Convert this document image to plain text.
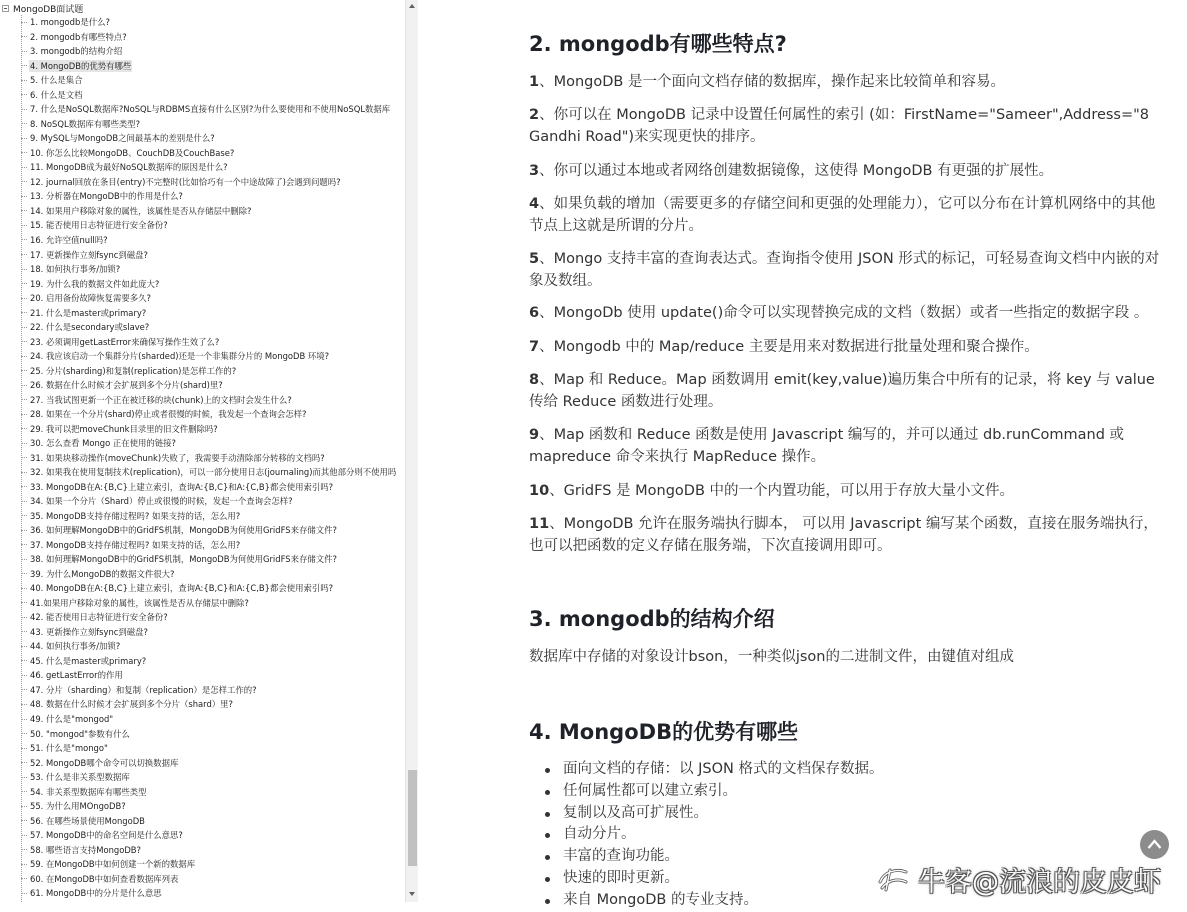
MongoDB面试题
1. mongodb是什么?
2. mongodb有哪些特点?
3. mongodb的结构介绍
4. MongoDB的优势有哪些
5. 什么是集合
6. 什么是文档
7. 什么是NoSQL数据库?NoSQL与RDBMS直接有什么区别?为什么要使用和不使用NoSQL数据库
8. NoSQL数据库有哪些类型?
9. MySQL与MongoDB之间最基本的差别是什么?
10. 你怎么比较MongoDB、CouchDB及CouchBase?
11. MongoDB成为最好NoSQL数据库的原因是什么?
12. journal回放在条目(entry)不完整时(比如恰巧有一个中途故障了)会遇到问题吗?
13. 分析器在MongoDB中的作用是什么?
14. 如果用户移除对象的属性，该属性是否从存储层中删除?
15. 能否使用日志特征进行安全备份?
16. 允许空值null吗?
17. 更新操作立刻fsync到磁盘?
18. 如何执行事务/加锁?
19. 为什么我的数据文件如此庞大?
20. 启用备份故障恢复需要多久?
21. 什么是master或primary?
22. 什么是secondary或slave?
23. 必须调用getLastError来确保写操作生效了么?
24. 我应该启动一个集群分片(sharded)还是一个非集群分片的 MongoDB 环境?
25. 分片(sharding)和复制(replication)是怎样工作的?
26. 数据在什么时候才会扩展到多个分片(shard)里?
27. 当我试图更新一个正在被迁移的块(chunk)上的文档时会发生什么?
28. 如果在一个分片(shard)停止或者很慢的时候，我发起一个查询会怎样?
29. 我可以把moveChunk目录里的旧文件删除吗?
30. 怎么查看 Mongo 正在使用的链接?
31. 如果块移动操作(moveChunk)失败了，我需要手动清除部分转移的文档吗?
32. 如果我在使用复制技术(replication)，可以一部分使用日志(journaling)而其他部分则不使用吗
33. MongoDB在A:{B,C}上建立索引，查询A:{B,C}和A:{C,B}都会使用索引吗?
34. 如果一个分片（Shard）停止或很慢的时候，发起一个查询会怎样?
35. MongoDB支持存储过程吗? 如果支持的话，怎么用?
36. 如何理解MongoDB中的GridFS机制，MongoDB为何使用GridFS来存储文件?
37. MongoDB支持存储过程吗? 如果支持的话，怎么用?
38. 如何理解MongoDB中的GridFS机制，MongoDB为何使用GridFS来存储文件?
39. 为什么MongoDB的数据文件很大?
40. MongoDB在A:{B,C}上建立索引，查询A:{B,C}和A:{C,B}都会使用索引吗?
41.如果用户移除对象的属性，该属性是否从存储层中删除?
42. 能否使用日志特征进行安全备份?
43. 更新操作立刻fsync到磁盘?
44. 如何执行事务/加锁?
45. 什么是master或primary?
46. getLastError的作用
47. 分片（sharding）和复制（replication）是怎样工作的?
48. 数据在什么时候才会扩展到多个分片（shard）里?
49. 什么是"mongod"
50. "mongod"参数有什么
51. 什么是"mongo"
52. MongoDB哪个命令可以切换数据库
53. 什么是非关系型数据库
54. 非关系型数据库有哪些类型
55. 为什么用MOngoDB?
56. 在哪些场景使用MongoDB
57. MongoDB中的命名空间是什么意思?
58. 哪些语言支持MongoDB?
59. 在MongoDB中如何创建一个新的数据库
60. 在MongoDB中如何查看数据库列表
61. MongoDB中的分片是什么意思
2. mongodb有哪些特点?

1、MongoDB 是一个面向文档存储的数据库，操作起来比较简单和容易。

2、你可以在 MongoDB 记录中设置任何属性的索引 (如：FirstName="Sameer",Address="8 Gandhi Road")来实现更快的排序。

3、你可以通过本地或者网络创建数据镜像，这使得 MongoDB 有更强的扩展性。

4、如果负载的增加（需要更多的存储空间和更强的处理能力），它可以分布在计算机网络中的其他节点上这就是所谓的分片。

5、Mongo 支持丰富的查询表达式。查询指令使用 JSON 形式的标记，可轻易查询文档中内嵌的对象及数组。

6、MongoDb 使用 update()命令可以实现替换完成的文档（数据）或者一些指定的数据字段 。

7、Mongodb 中的 Map/reduce 主要是用来对数据进行批量处理和聚合操作。

8、Map 和 Reduce。Map 函数调用 emit(key,value)遍历集合中所有的记录，将 key 与 value 传给 Reduce 函数进行处理。

9、Map 函数和 Reduce 函数是使用 Javascript 编写的，并可以通过 db.runCommand 或 mapreduce 命令来执行 MapReduce 操作。

10、GridFS 是 MongoDB 中的一个内置功能，可以用于存放大量小文件。

11、MongoDB 允许在服务端执行脚本， 可以用 Javascript 编写某个函数，直接在服务端执行，也可以把函数的定义存储在服务端，下次直接调用即可。

3. mongodb的结构介绍

数据库中存储的对象设计bson，一种类似json的二进制文件，由键值对组成

4. MongoDB的优势有哪些
面向文档的存储：以 JSON 格式的文档保存数据。
任何属性都可以建立索引。
复制以及高可扩展性。
自动分片。
丰富的查询功能。
快速的即时更新。
来自 MongoDB 的专业支持。
牛客@流浪的皮皮虾
